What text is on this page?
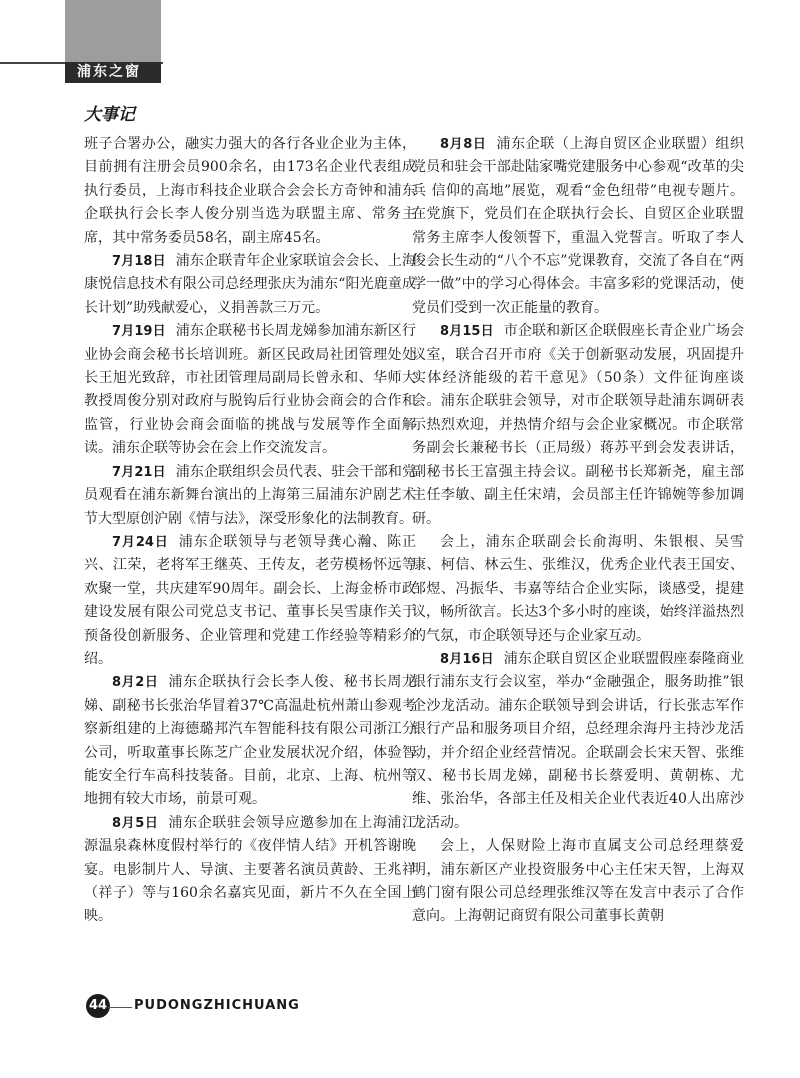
浦东之窗
大事记

班子合署办公，融实力强大的各行各业企业为主体，目前拥有注册会员900余名，由173名企业代表组成执行委员，上海市科技企业联合会会长方奇钟和浦东企联执行会长李人俊分别当选为联盟主席、常务主席，其中常务委员58名，副主席45名。

7月18日 浦东企联青年企业家联谊会会长、上海康悦信息技术有限公司总经理张庆为浦东“阳光鹿童成长计划”助残献爱心，义捐善款三万元。

7月19日 浦东企联秘书长周龙娣参加浦东新区行业协会商会秘书长培训班。新区民政局社团管理处处长王旭光致辞，市社团管理局副局长曾永和、华师大教授周俊分别对政府与脱钩后行业协会商会的合作和监管，行业协会商会面临的挑战与发展等作全面解读。浦东企联等协会在会上作交流发言。

7月21日 浦东企联组织会员代表、驻会干部和党员观看在浦东新舞台演出的上海第三届浦东沪剧艺术节大型原创沪剧《情与法》，深受形象化的法制教育。

7月24日 浦东企联领导与老领导龚心瀚、陈正兴、江荣，老将军王继英、王传友，老劳模杨怀远等欢聚一堂，共庆建军90周年。副会长、上海金桥市政建设发展有限公司党总支书记、董事长吴雪康作关于预备役创新服务、企业管理和党建工作经验等精彩介绍。

8月2日 浦东企联执行会长李人俊、秘书长周龙娣、副秘书长张治华冒着37℃高温赴杭州萧山参观考察新组建的上海德璐邦汽车智能科技有限公司浙江分公司，听取董事长陈芝广企业发展状况介绍，体验智能安全行车高科技装备。目前，北京、上海、杭州等地拥有较大市场，前景可观。

8月5日 浦东企联驻会领导应邀参加在上海浦江源温泉森林度假村举行的《夜伴情人结》开机答谢晚宴。电影制片人、导演、主要著名演员黄龄、王兆祥（祥子）等与160余名嘉宾见面，新片不久在全国上映。

8月8日 浦东企联（上海自贸区企业联盟）组织党员和驻会干部赴陆家嘴党建服务中心参观“改革的尖兵 信仰的高地”展览，观看“金色纽带”电视专题片。在党旗下，党员们在企联执行会长、自贸区企业联盟常务主席李人俊领誓下，重温入党誓言。听取了李人俊会长生动的“八个不忘”党课教育，交流了各自在“两学一做”中的学习心得体会。丰富多彩的党课活动，使党员们受到一次正能量的教育。

8月15日 市企联和新区企联假座长青企业广场会议室，联合召开市府《关于创新驱动发展，巩固提升实体经济能级的若干意见》（50条）文件征询座谈会。浦东企联驻会领导，对市企联领导赴浦东调研表示热烈欢迎，并热情介绍与会企业家概况。市企联常务副会长兼秘书长（正局级）蒋苏平到会发表讲话，副秘书长王富强主持会议。副秘书长郑新尧，雇主部主任李敏、副主任宋靖，会员部主任许锦婉等参加调研。

会上，浦东企联副会长俞海明、朱银根、吴雪康、柯信、林云生、张维汉，优秀企业代表王国安、邹煜、冯振华、韦嘉等结合企业实际，谈感受，提建议，畅所欲言。长达3个多小时的座谈，始终洋溢热烈的气氛，市企联领导还与企业家互动。

8月16日 浦东企联自贸区企业联盟假座泰隆商业银行浦东支行会议室，举办“金融强企，服务助推”银企沙龙活动。浦东企联领导到会讲话，行长张志军作银行产品和服务项目介绍，总经理余海丹主持沙龙活动，并介绍企业经营情况。企联副会长宋天智、张维汉、秘书长周龙娣，副秘书长蔡爱明、黄朝栋、尤维、张治华，各部主任及相关企业代表近40人出席沙龙活动。

会上，人保财险上海市直属支公司总经理蔡爱明，浦东新区产业投资服务中心主任宋天智，上海双鹤门窗有限公司总经理张维汉等在发言中表示了合作意向。上海朝记商贸有限公司董事长黄朝

44 PUDONGZHICHUANG
